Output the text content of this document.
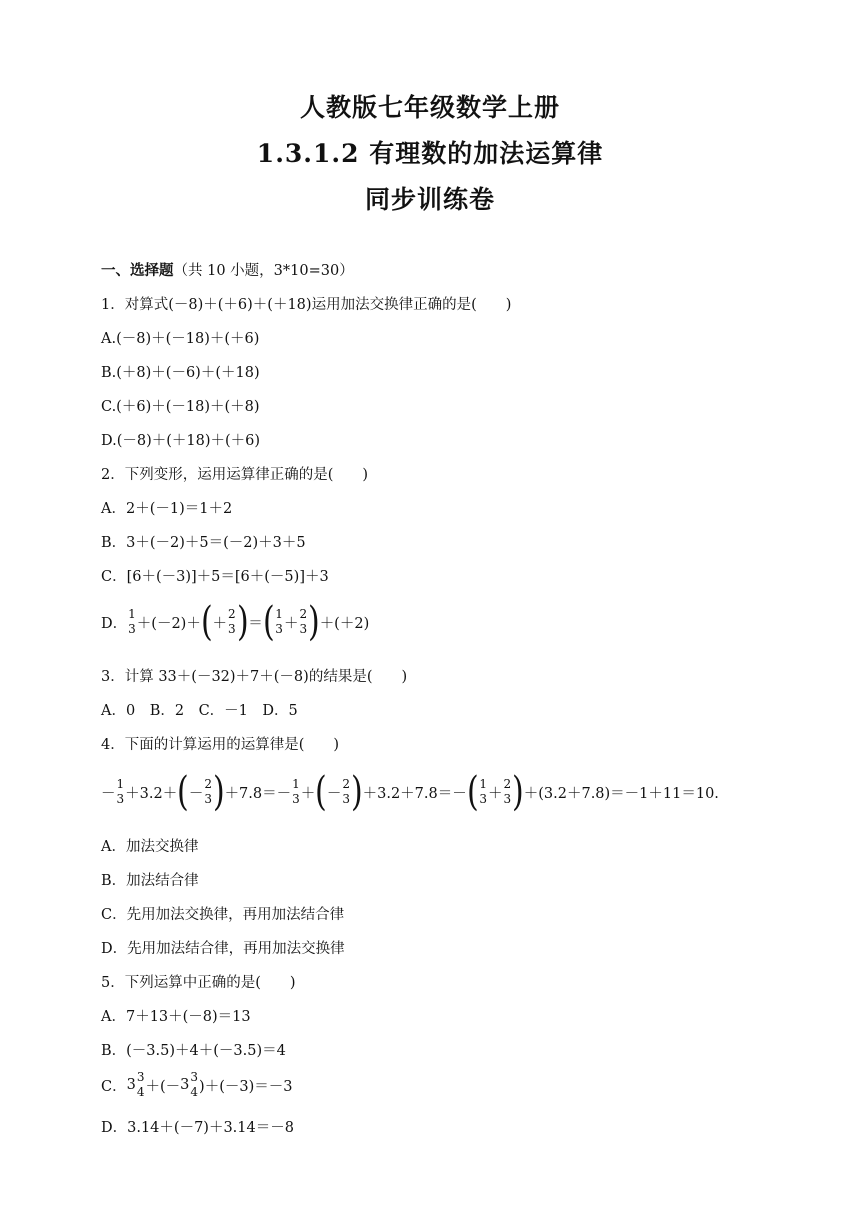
人教版七年级数学上册
1.3.1.2 有理数的加法运算律
同步训练卷
一、选择题 （共 10 小题，3*10=30）
1．对算式(－8)＋(＋6)＋(＋18)运用加法交换律正确的是(　　)
A.(－8)＋(－18)＋(＋6)
B.(＋8)＋(－6)＋(＋18)
C.(＋6)＋(－18)＋(＋8)
D.(－8)＋(＋18)＋(＋6)
2．下列变形，运用运算律正确的是(　　)
A．2＋(－1)＝1＋2
B．3＋(－2)＋5＝(－2)＋3＋5
C．[6＋(－3)]＋5＝[6＋(－5)]＋3
D．
1
3 ＋(－2)＋ ( ＋
2
3 ) ＝ ( 1
3 ＋
2
3 ) ＋(＋2)
3．计算 33＋(－32)＋7＋(－8)的结果是(　　)
A．0　B．2　C．－1　D．5
4．下面的计算运用的运算律是(　　)
－
1
3 ＋3.2＋ ( －
2
3 ) ＋7.8＝－
1
3 ＋ ( －
2
3 ) ＋3.2＋7.8＝－ ( 1
3 ＋
2
3 ) ＋(3.2＋7.8)＝－1＋11＝10.
A．加法交换律
B．加法结合律
C．先用加法交换律，再用加法结合律
D．先用加法结合律，再用加法交换律
5．下列运算中正确的是(　　)
A．7＋13＋(－8)＝13
B．(－3.5)＋4＋(－3.5)＝4
C． 3 3
4 ＋(－ 3 3
4 )＋(－3)＝－3
D．3.14＋(－7)＋3.14＝－8
